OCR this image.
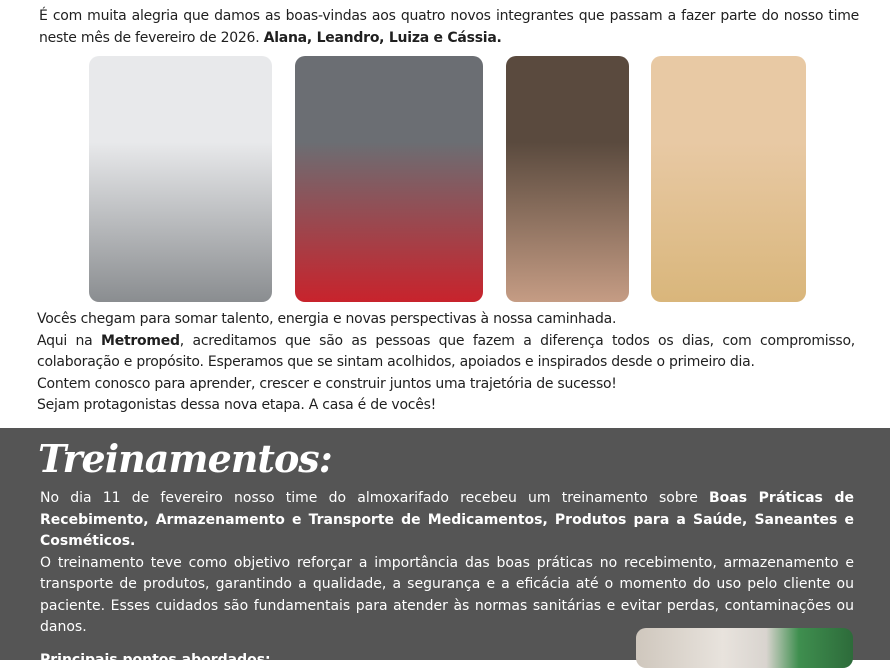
É com muita alegria que damos as boas-vindas aos quatro novos integrantes que passam a fazer parte do nosso time neste mês de fevereiro de 2026. Alana, Leandro, Luiza e Cássia.

Vocês chegam para somar talento, energia e novas perspectivas à nossa caminhada.
Aqui na Metromed, acreditamos que são as pessoas que fazem a diferença todos os dias, com compromisso, colaboração e propósito. Esperamos que se sintam acolhidos, apoiados e inspirados desde o primeiro dia.
Contem conosco para aprender, crescer e construir juntos uma trajetória de sucesso!
Sejam protagonistas dessa nova etapa. A casa é de vocês!
Treinamentos:

No dia 11 de fevereiro nosso time do almoxarifado recebeu um treinamento sobre Boas Práticas de Recebimento, Armazenamento e Transporte de Medicamentos, Produtos para a Saúde, Saneantes e Cosméticos.

O treinamento teve como objetivo reforçar a importância das boas práticas no recebimento, armazenamento e transporte de produtos, garantindo a qualidade, a segurança e a eficácia até o momento do uso pelo cliente ou paciente. Esses cuidados são fundamentais para atender às normas sanitárias e evitar perdas, contaminações ou danos.

Principais pontos abordados:
